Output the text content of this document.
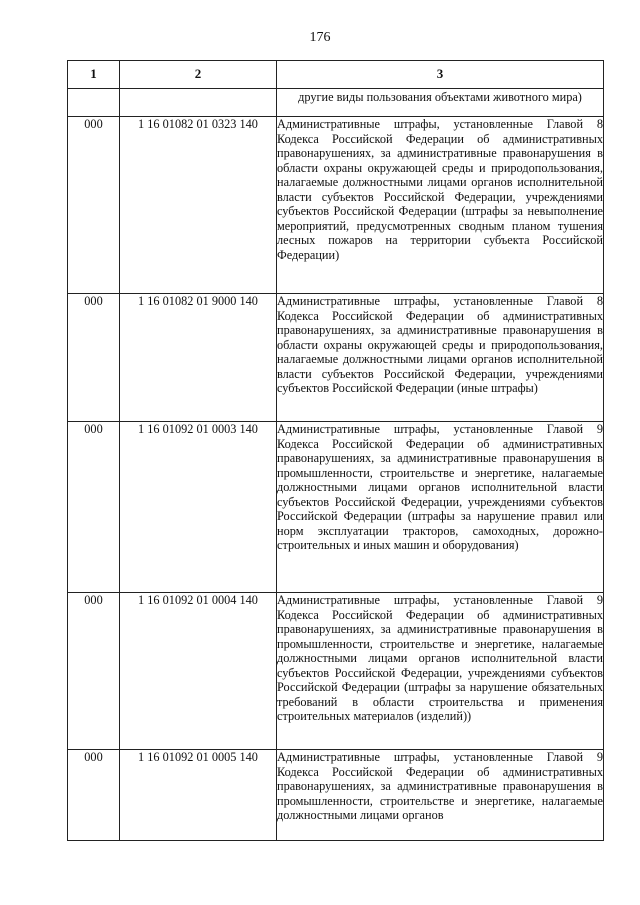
176
1	2	3
		другие виды пользования объектами животного мира)
000	1 16 01082 01 0323 140	Административные штрафы, установленные Главой 8 Кодекса Российской Федерации об административных правонарушениях, за административные правонарушения в области охраны окружающей среды и природопользования, налагаемые должностными лицами органов исполнительной власти субъектов Российской Федерации, учреждениями субъектов Российской Федерации (штрафы за невыполнение мероприятий, предусмотренных сводным планом тушения лесных пожаров на территории субъекта Российской Федерации)
000	1 16 01082 01 9000 140	Административные штрафы, установленные Главой 8 Кодекса Российской Федерации об административных правонарушениях, за административные правонарушения в области охраны окружающей среды и природопользования, налагаемые должностными лицами органов исполнительной власти субъектов Российской Федерации, учреждениями субъектов Российской Федерации (иные штрафы)
000	1 16 01092 01 0003 140	Административные штрафы, установленные Главой 9 Кодекса Российской Федерации об административных правонарушениях, за административные правонарушения в промышленности, строительстве и энергетике, налагаемые должностными лицами органов исполнительной власти субъектов Российской Федерации, учреждениями субъектов Российской Федерации (штрафы за нарушение правил или норм эксплуатации тракторов, самоходных, дорожно-строительных и иных машин и оборудования)
000	1 16 01092 01 0004 140	Административные штрафы, установленные Главой 9 Кодекса Российской Федерации об административных правонарушениях, за административные правонарушения в промышленности, строительстве и энергетике, налагаемые должностными лицами органов исполнительной власти субъектов Российской Федерации, учреждениями субъектов Российской Федерации (штрафы за нарушение обязательных требований в области строительства и применения строительных материалов (изделий))
000	1 16 01092 01 0005 140	Административные штрафы, установленные Главой 9 Кодекса Российской Федерации об административных правонарушениях, за административные правонарушения в промышленности, строительстве и энергетике, налагаемые должностными лицами органов
